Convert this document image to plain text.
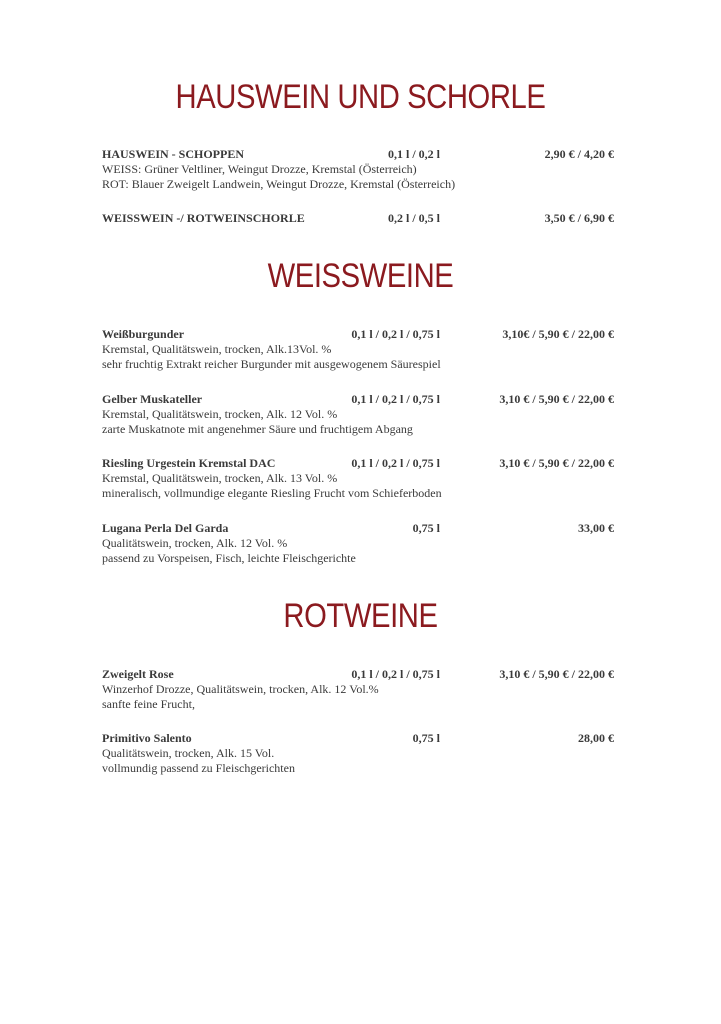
HAUSWEIN UND SCHORLE
HAUSWEIN - SCHOPPEN	0,1 l / 0,2 l	2,90 € / 4,20 €
WEISS: Grüner Veltliner, Weingut Drozze, Kremstal (Österreich)
ROT: Blauer Zweigelt Landwein, Weingut Drozze, Kremstal (Österreich)
WEISSWEIN -/ ROTWEINSCHORLE	0,2 l / 0,5 l	3,50 € / 6,90 €
WEISSWEINE
Weißburgunder	0,1 l / 0,2 l / 0,75 l	3,10€ / 5,90 € / 22,00 €
Kremstal, Qualitätswein, trocken, Alk.13Vol. %
sehr fruchtig Extrakt reicher Burgunder mit ausgewogenem Säurespiel
Gelber Muskateller	0,1 l / 0,2 l / 0,75 l	3,10 € / 5,90 € / 22,00 €
Kremstal, Qualitätswein, trocken, Alk. 12 Vol. %
zarte Muskatnote mit angenehmer Säure und fruchtigem Abgang
Riesling Urgestein Kremstal DAC	0,1 l / 0,2 l / 0,75 l	3,10 € / 5,90 € / 22,00 €
Kremstal, Qualitätswein, trocken, Alk. 13 Vol. %
mineralisch, vollmundige elegante Riesling Frucht vom Schieferboden
Lugana Perla Del Garda	0,75 l	33,00 €
Qualitätswein, trocken, Alk. 12 Vol. %
passend zu Vorspeisen, Fisch, leichte Fleischgerichte
ROTWEINE
Zweigelt Rose	0,1 l / 0,2 l / 0,75 l	3,10 € / 5,90 € / 22,00 €
Winzerhof Drozze, Qualitätswein, trocken, Alk. 12 Vol.%
sanfte feine Frucht,
Primitivo Salento	0,75 l	28,00 €
Qualitätswein, trocken, Alk. 15 Vol.
vollmundig passend zu Fleischgerichten
